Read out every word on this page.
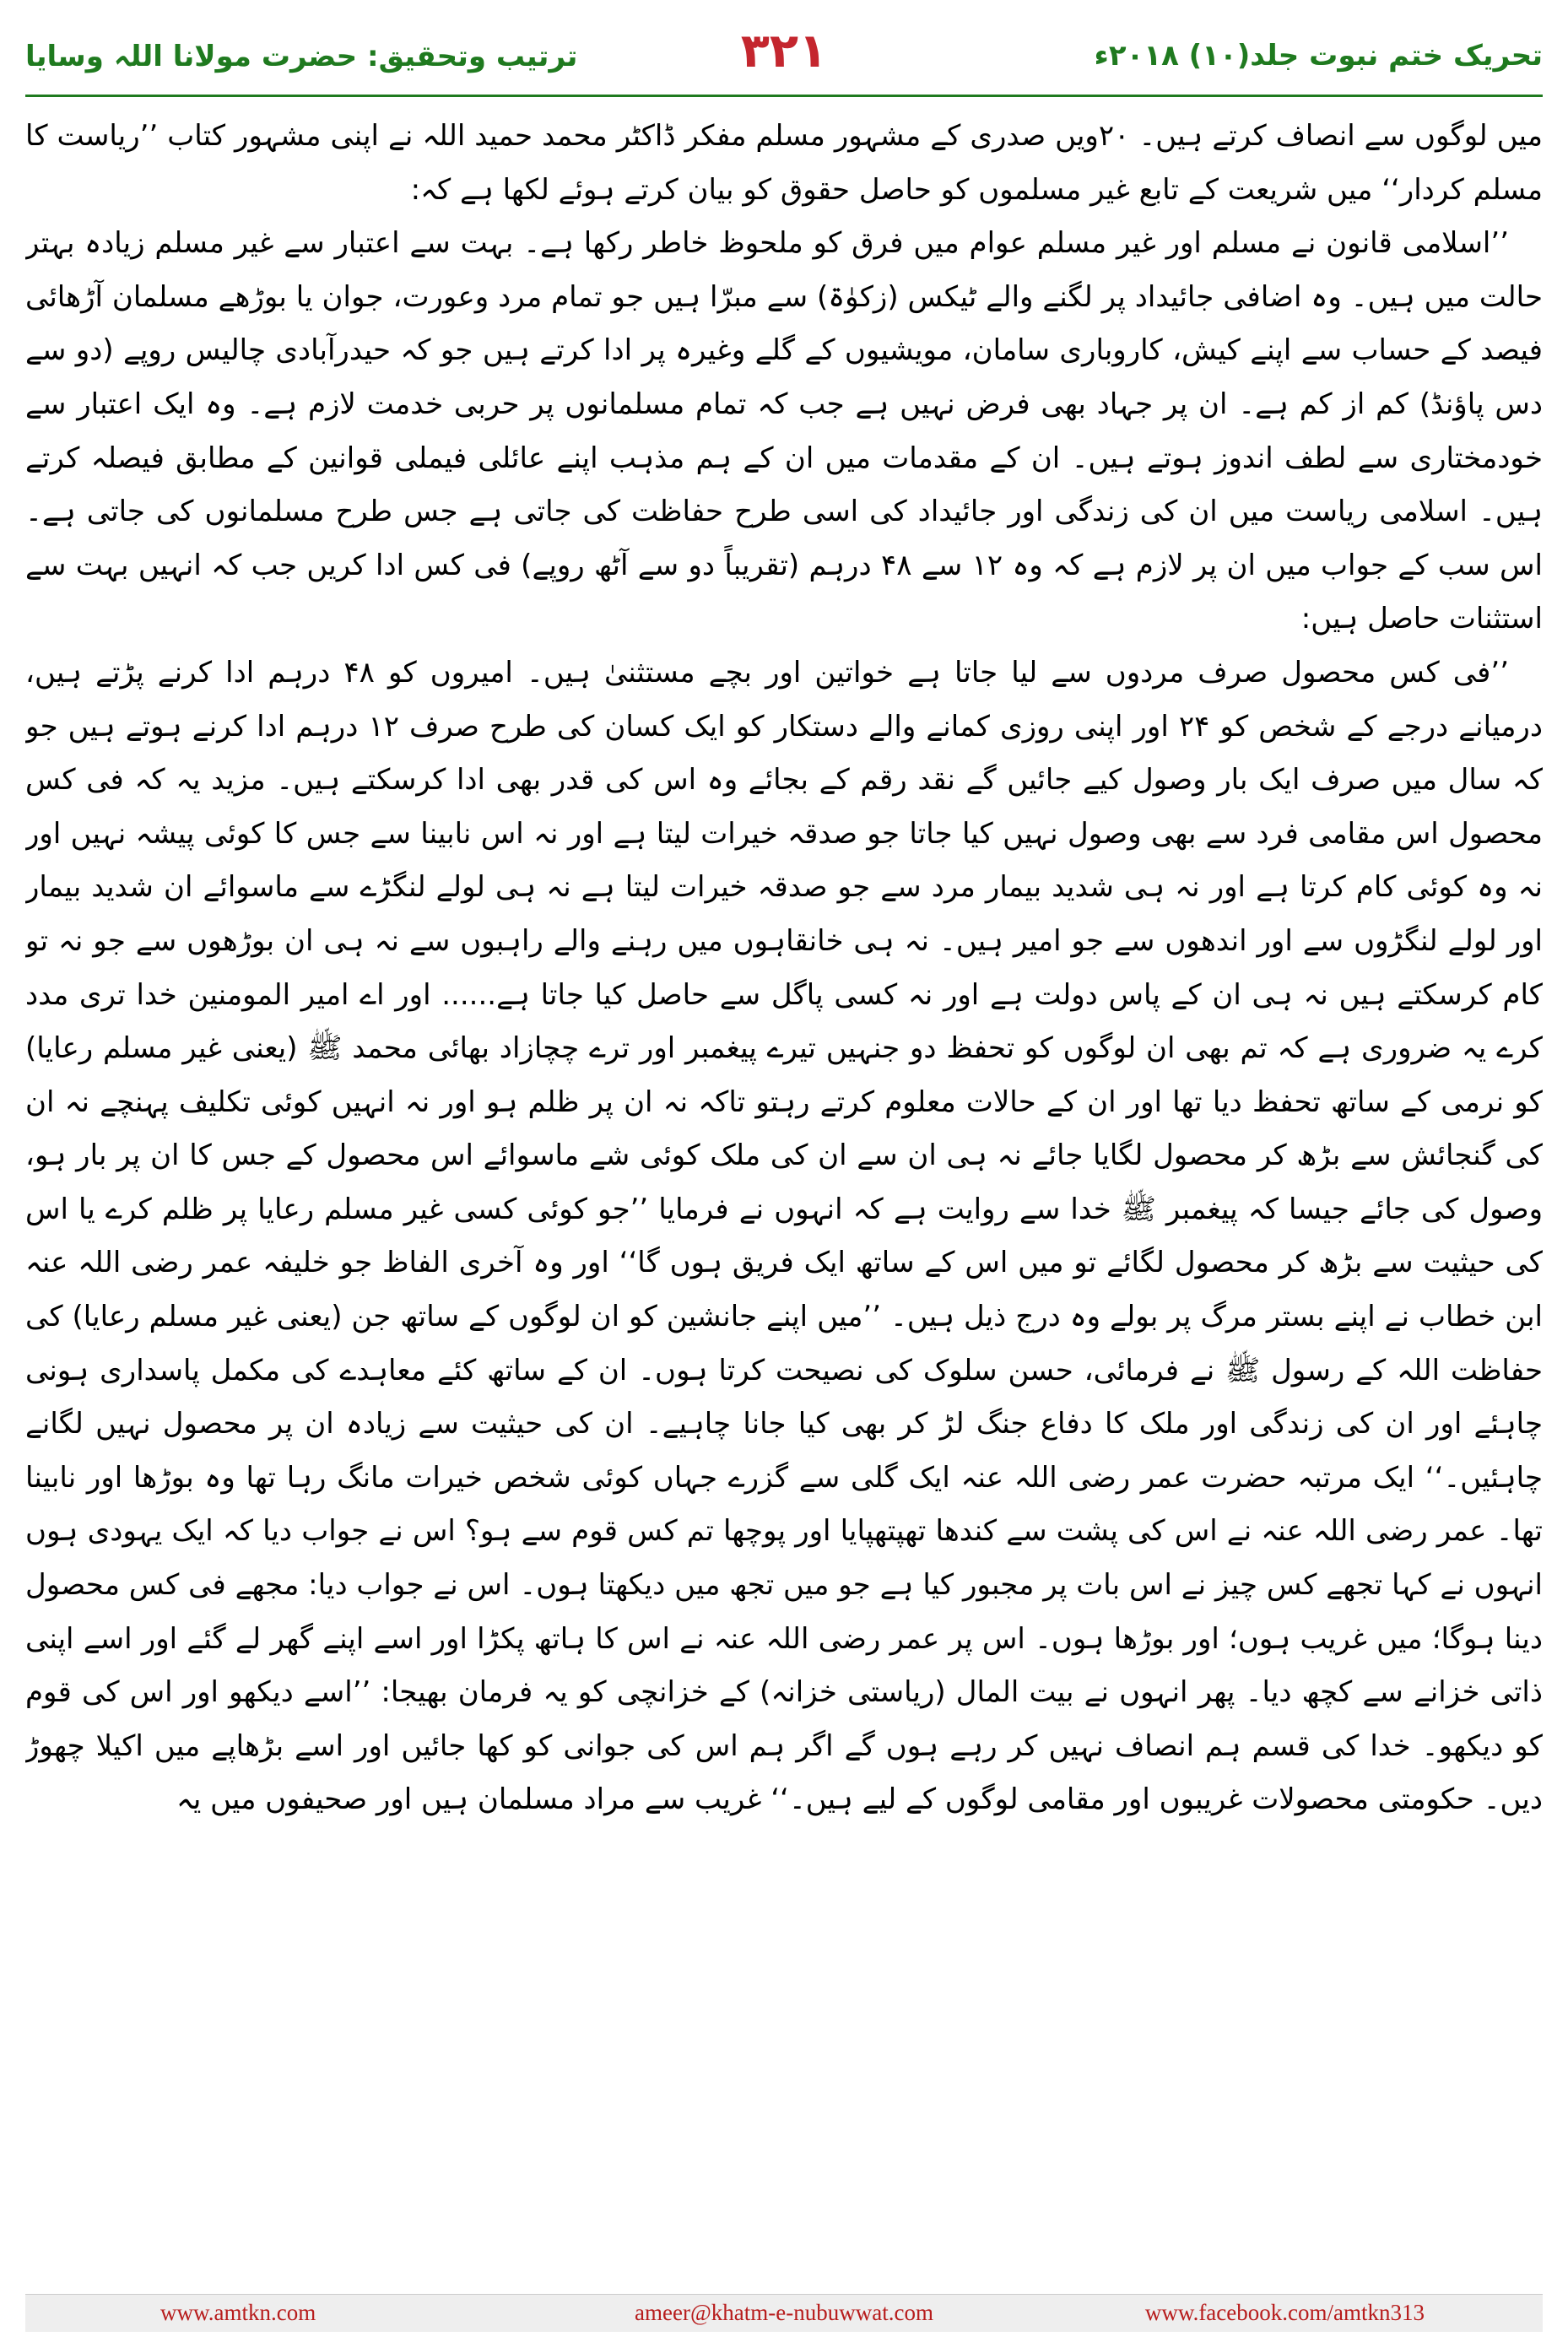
ترتیب وتحقیق: حضرت مولانا اللہ وسایا	۳۲۱	تحریک ختم نبوت جلد(۱۰) ۲۰۱۸ء

میں لوگوں سے انصاف کرتے ہیں۔ ۲۰ویں صدری کے مشہور مسلم مفکر ڈاکٹر محمد حمید اللہ نے اپنی مشہور کتاب ’’ریاست کا مسلم کردار‘‘ میں شریعت کے تابع غیر مسلموں کو حاصل حقوق کو بیان کرتے ہوئے لکھا ہے کہ:

’’اسلامی قانون نے مسلم اور غیر مسلم عوام میں فرق کو ملحوظ خاطر رکھا ہے۔ بہت سے اعتبار سے غیر مسلم زیادہ بہتر حالت میں ہیں۔ وہ اضافی جائیداد پر لگنے والے ٹیکس (زکوٰۃ) سے مبرّا ہیں جو تمام مرد وعورت، جوان یا بوڑھے مسلمان آڑھائی فیصد کے حساب سے اپنے کیش، کاروباری سامان، مویشیوں کے گلے وغیرہ پر ادا کرتے ہیں جو کہ حیدرآبادی چالیس روپے (دو سے دس پاؤنڈ) کم از کم ہے۔ ان پر جہاد بھی فرض نہیں ہے جب کہ تمام مسلمانوں پر حربی خدمت لازم ہے۔ وہ ایک اعتبار سے خودمختاری سے لطف اندوز ہوتے ہیں۔ ان کے مقدمات میں ان کے ہم مذہب اپنے عائلی فیملی قوانین کے مطابق فیصلہ کرتے ہیں۔ اسلامی ریاست میں ان کی زندگی اور جائیداد کی اسی طرح حفاظت کی جاتی ہے جس طرح مسلمانوں کی جاتی ہے۔ اس سب کے جواب میں ان پر لازم ہے کہ وہ ۱۲ سے ۴۸ درہم (تقریباً دو سے آٹھ روپے) فی کس ادا کریں جب کہ انہیں بہت سے استثنات حاصل ہیں:

’’فی کس محصول صرف مردوں سے لیا جاتا ہے خواتین اور بچے مستثنیٰ ہیں۔ امیروں کو ۴۸ درہم ادا کرنے پڑتے ہیں، درمیانے درجے کے شخص کو ۲۴ اور اپنی روزی کمانے والے دستکار کو ایک کسان کی طرح صرف ۱۲ درہم ادا کرنے ہوتے ہیں جو کہ سال میں صرف ایک بار وصول کیے جائیں گے نقد رقم کے بجائے وہ اس کی قدر بھی ادا کرسکتے ہیں۔ مزید یہ کہ فی کس محصول اس مقامی فرد سے بھی وصول نہیں کیا جاتا جو صدقہ خیرات لیتا ہے اور نہ اس نابینا سے جس کا کوئی پیشہ نہیں اور نہ وہ کوئی کام کرتا ہے اور نہ ہی شدید بیمار مرد سے جو صدقہ خیرات لیتا ہے نہ ہی لولے لنگڑے سے ماسوائے ان شدید بیمار اور لولے لنگڑوں سے اور اندھوں سے جو امیر ہیں۔ نہ ہی خانقاہوں میں رہنے والے راہبوں سے نہ ہی ان بوڑھوں سے جو نہ تو کام کرسکتے ہیں نہ ہی ان کے پاس دولت ہے اور نہ کسی پاگل سے حاصل کیا جاتا ہے...... اور اے امیر المومنین خدا تری مدد کرے یہ ضروری ہے کہ تم بھی ان لوگوں کو تحفظ دو جنہیں تیرے پیغمبر اور ترے چچازاد بھائی محمد ﷺ (یعنی غیر مسلم رعایا) کو نرمی کے ساتھ تحفظ دیا تھا اور ان کے حالات معلوم کرتے رہتو تاکہ نہ ان پر ظلم ہو اور نہ انہیں کوئی تکلیف پہنچے نہ ان کی گنجائش سے بڑھ کر محصول لگایا جائے نہ ہی ان سے ان کی ملک کوئی شے ماسوائے اس محصول کے جس کا ان پر بار ہو، وصول کی جائے جیسا کہ پیغمبر ﷺ خدا سے روایت ہے کہ انہوں نے فرمایا ’’جو کوئی کسی غیر مسلم رعایا پر ظلم کرے یا اس کی حیثیت سے بڑھ کر محصول لگائے تو میں اس کے ساتھ ایک فریق ہوں گا‘‘ اور وہ آخری الفاظ جو خلیفہ عمر رضی اللہ عنہ ابن خطاب نے اپنے بستر مرگ پر بولے وہ درج ذیل ہیں۔ ’’میں اپنے جانشین کو ان لوگوں کے ساتھ جن (یعنی غیر مسلم رعایا) کی حفاظت اللہ کے رسول ﷺ نے فرمائی، حسن سلوک کی نصیحت کرتا ہوں۔ ان کے ساتھ کئے معاہدے کی مکمل پاسداری ہونی چاہئے اور ان کی زندگی اور ملک کا دفاع جنگ لڑ کر بھی کیا جانا چاہیے۔ ان کی حیثیت سے زیادہ ان پر محصول نہیں لگانے چاہئیں۔‘‘ ایک مرتبہ حضرت عمر رضی اللہ عنہ ایک گلی سے گزرے جہاں کوئی شخص خیرات مانگ رہا تھا وہ بوڑھا اور نابینا تھا۔ عمر رضی اللہ عنہ نے اس کی پشت سے کندھا تھپتھپایا اور پوچھا تم کس قوم سے ہو؟ اس نے جواب دیا کہ ایک یہودی ہوں انہوں نے کہا تجھے کس چیز نے اس بات پر مجبور کیا ہے جو میں تجھ میں دیکھتا ہوں۔ اس نے جواب دیا: مجھے فی کس محصول دینا ہوگا؛ میں غریب ہوں؛ اور بوڑھا ہوں۔ اس پر عمر رضی اللہ عنہ نے اس کا ہاتھ پکڑا اور اسے اپنے گھر لے گئے اور اسے اپنی ذاتی خزانے سے کچھ دیا۔ پھر انہوں نے بیت المال (ریاستی خزانہ) کے خزانچی کو یہ فرمان بھیجا: ’’اسے دیکھو اور اس کی قوم کو دیکھو۔ خدا کی قسم ہم انصاف نہیں کر رہے ہوں گے اگر ہم اس کی جوانی کو کھا جائیں اور اسے بڑھاپے میں اکیلا چھوڑ دیں۔ حکومتی محصولات غریبوں اور مقامی لوگوں کے لیے ہیں۔‘‘ غریب سے مراد مسلمان ہیں اور صحیفوں میں یہ

www.amtkn.com	ameer@khatm-e-nubuwwat.com	www.facebook.com/amtkn313
